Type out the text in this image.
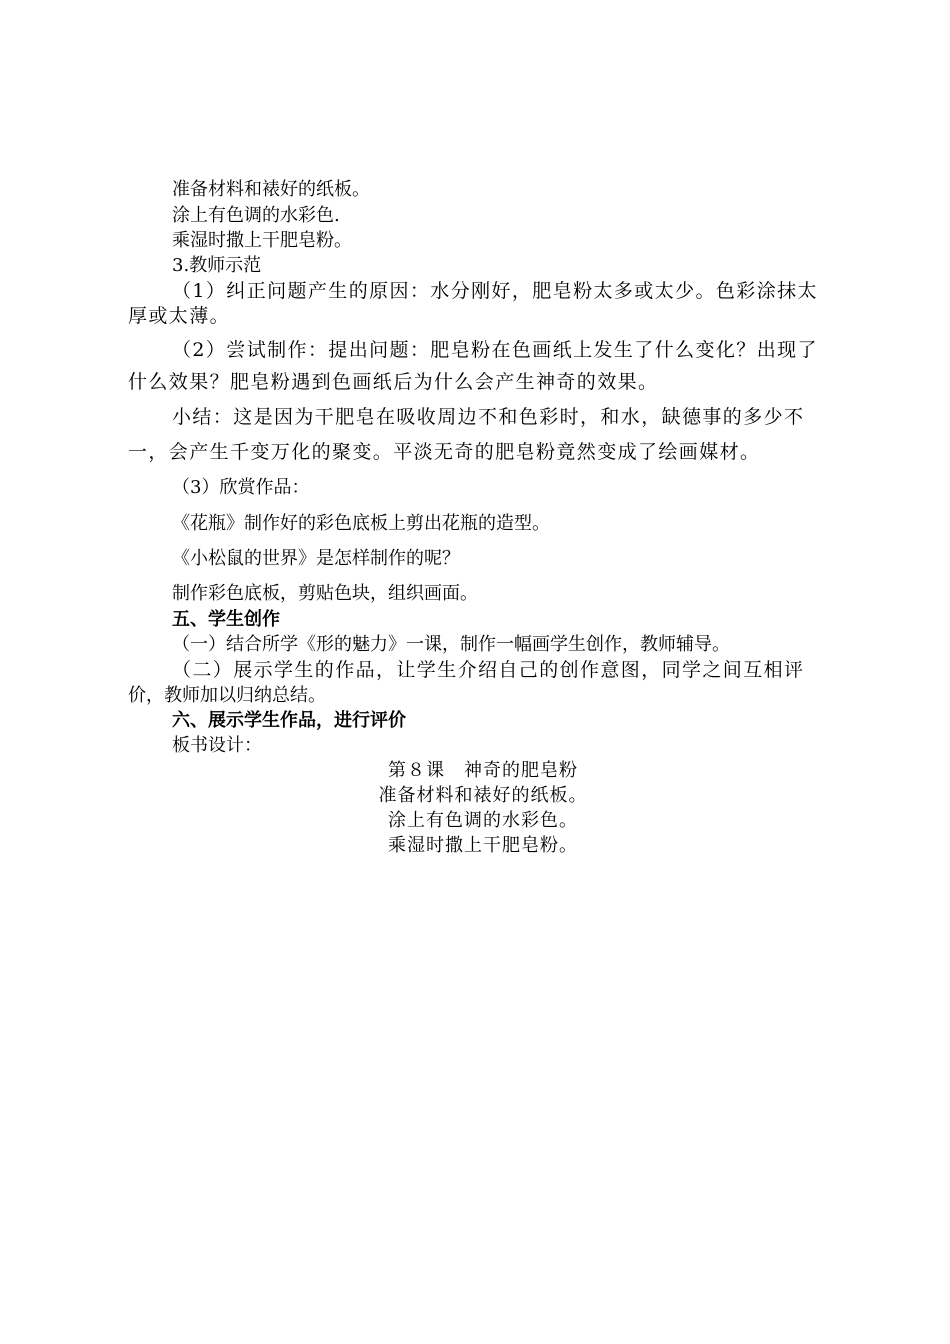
准备材料和裱好的纸板。
涂上有色调的水彩色.
乘湿时撒上干肥皂粉。
3.教师示范
（1）纠正问题产生的原因：水分刚好，肥皂粉太多或太少。色彩涂抹太
厚或太薄。
（2）尝试制作：提出问题：肥皂粉在色画纸上发生了什么变化？出现了
什么效果？肥皂粉遇到色画纸后为什么会产生神奇的效果。
小结：这是因为干肥皂在吸收周边不和色彩时，和水，缺德事的多少不
一，会产生千变万化的聚变。平淡无奇的肥皂粉竟然变成了绘画媒材。
（3）欣赏作品：
《花瓶》制作好的彩色底板上剪出花瓶的造型。
《小松鼠的世界》是怎样制作的呢？
制作彩色底板，剪贴色块，组织画面。
五、学生创作
（一）结合所学《形的魅力》一课，制作一幅画学生创作，教师辅导。
（二）展示学生的作品，让学生介绍自己的创作意图，同学之间互相评
价，教师加以归纳总结。
六、展示学生作品，进行评价
板书设计：
第８课　神奇的肥皂粉
准备材料和裱好的纸板。
涂上有色调的水彩色。
乘湿时撒上干肥皂粉。
